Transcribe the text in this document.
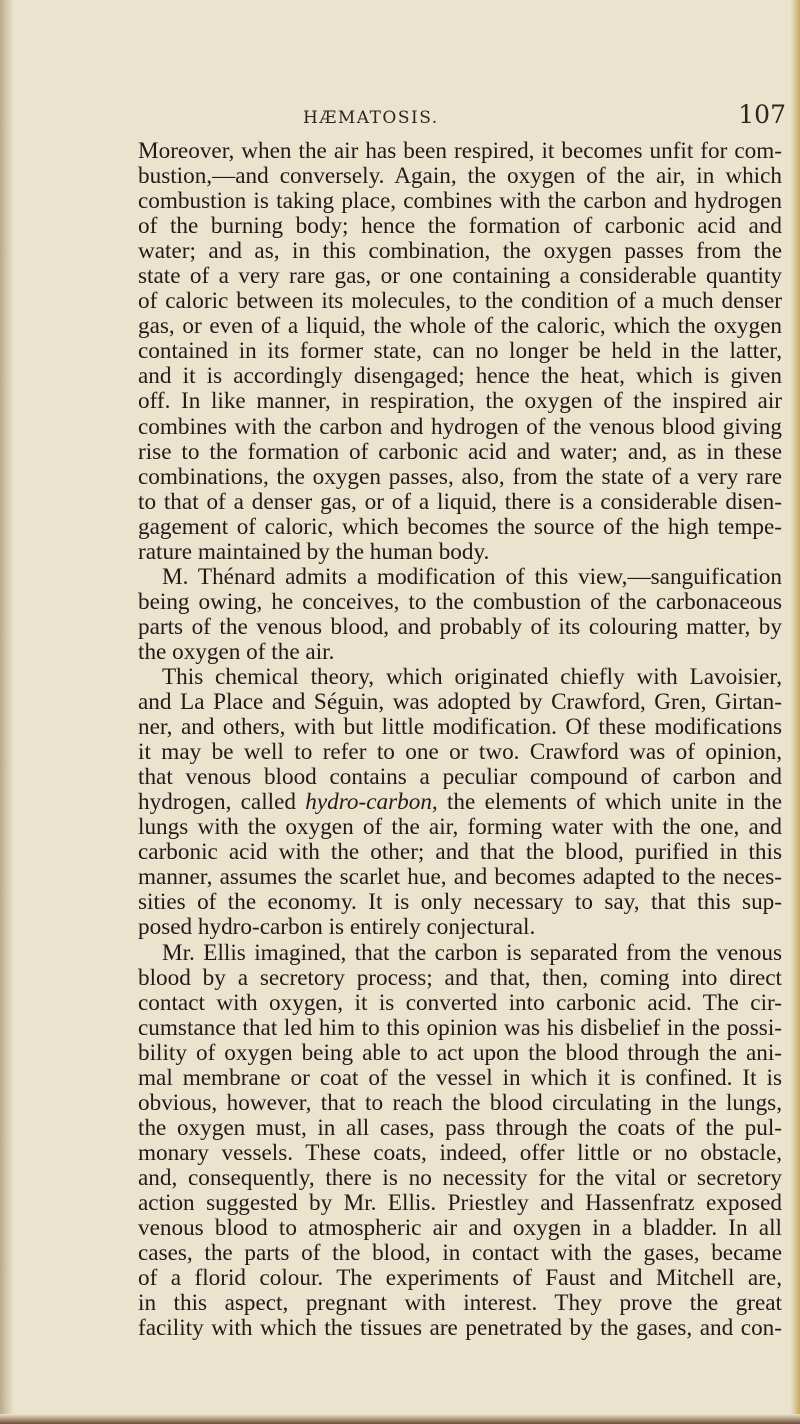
HÆMATOSIS.	107
Moreover, when the air has been respired, it becomes unfit for com-
bustion,—and conversely. Again, the oxygen of the air, in which
combustion is taking place, combines with the carbon and hydrogen
of the burning body; hence the formation of carbonic acid and
water; and as, in this combination, the oxygen passes from the
state of a very rare gas, or one containing a considerable quantity
of caloric between its molecules, to the condition of a much denser
gas, or even of a liquid, the whole of the caloric, which the oxygen
contained in its former state, can no longer be held in the latter,
and it is accordingly disengaged; hence the heat, which is given
off. In like manner, in respiration, the oxygen of the inspired air
combines with the carbon and hydrogen of the venous blood giving
rise to the formation of carbonic acid and water; and, as in these
combinations, the oxygen passes, also, from the state of a very rare
to that of a denser gas, or of a liquid, there is a considerable disen-
gagement of caloric, which becomes the source of the high tempe-
rature maintained by the human body.
M. Thénard admits a modification of this view,—sanguification
being owing, he conceives, to the combustion of the carbonaceous
parts of the venous blood, and probably of its colouring matter, by
the oxygen of the air.
This chemical theory, which originated chiefly with Lavoisier,
and La Place and Séguin, was adopted by Crawford, Gren, Girtan-
ner, and others, with but little modification. Of these modifications
it may be well to refer to one or two. Crawford was of opinion,
that venous blood contains a peculiar compound of carbon and
hydrogen, called hydro-carbon, the elements of which unite in the
lungs with the oxygen of the air, forming water with the one, and
carbonic acid with the other; and that the blood, purified in this
manner, assumes the scarlet hue, and becomes adapted to the neces-
sities of the economy. It is only necessary to say, that this sup-
posed hydro-carbon is entirely conjectural.
Mr. Ellis imagined, that the carbon is separated from the venous
blood by a secretory process; and that, then, coming into direct
contact with oxygen, it is converted into carbonic acid. The cir-
cumstance that led him to this opinion was his disbelief in the possi-
bility of oxygen being able to act upon the blood through the ani-
mal membrane or coat of the vessel in which it is confined. It is
obvious, however, that to reach the blood circulating in the lungs,
the oxygen must, in all cases, pass through the coats of the pul-
monary vessels. These coats, indeed, offer little or no obstacle,
and, consequently, there is no necessity for the vital or secretory
action suggested by Mr. Ellis. Priestley and Hassenfratz exposed
venous blood to atmospheric air and oxygen in a bladder. In all
cases, the parts of the blood, in contact with the gases, became
of a florid colour. The experiments of Faust and Mitchell are,
in this aspect, pregnant with interest. They prove the great
facility with which the tissues are penetrated by the gases, and con-
